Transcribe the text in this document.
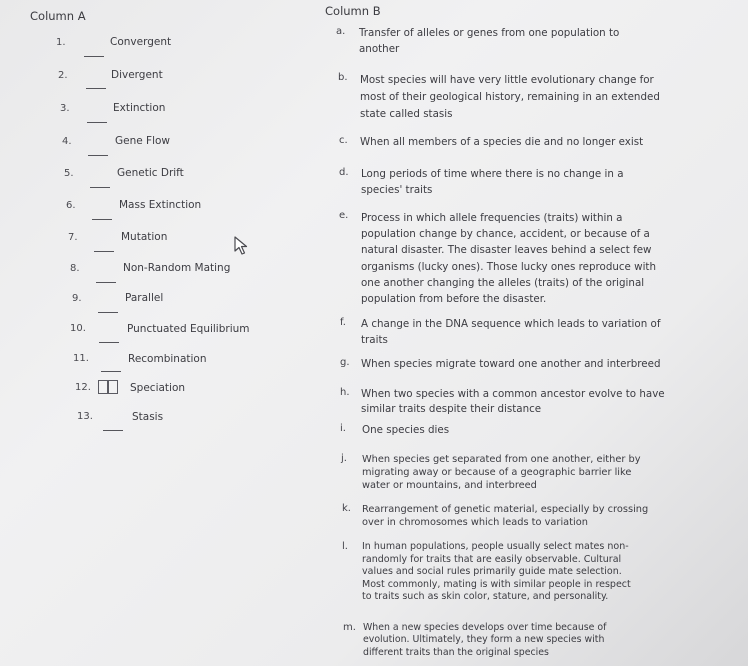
Column A	Column B
1.	Convergent
2.	Divergent
3.	Extinction
4.	Gene Flow
5.	Genetic Drift
6.	Mass Extinction
7.	Mutation
8.	Non-Random Mating
9.	Parallel
10.	Punctuated Equilibrium
11.	Recombination
12.	Speciation
13.	Stasis
a. Transfer of alleles or genes from one population to
another
b. Most species will have very little evolutionary change for
most of their geological history, remaining in an extended
state called stasis
c. When all members of a species die and no longer exist
d. Long periods of time where there is no change in a
species' traits
e. Process in which allele frequencies (traits) within a
population change by chance, accident, or because of a
natural disaster. The disaster leaves behind a select few
organisms (lucky ones). Those lucky ones reproduce with
one another changing the alleles (traits) of the original
population from before the disaster.
f. A change in the DNA sequence which leads to variation of
traits
g. When species migrate toward one another and interbreed
h. When two species with a common ancestor evolve to have
similar traits despite their distance
i. One species dies
j. When species get separated from one another, either by
migrating away or because of a geographic barrier like
water or mountains, and interbreed
k. Rearrangement of genetic material, especially by crossing
over in chromosomes which leads to variation
l. In human populations, people usually select mates non-
randomly for traits that are easily observable. Cultural
values and social rules primarily guide mate selection.
Most commonly, mating is with similar people in respect
to traits such as skin color, stature, and personality.
m. When a new species develops over time because of
evolution. Ultimately, they form a new species with
different traits than the original species
